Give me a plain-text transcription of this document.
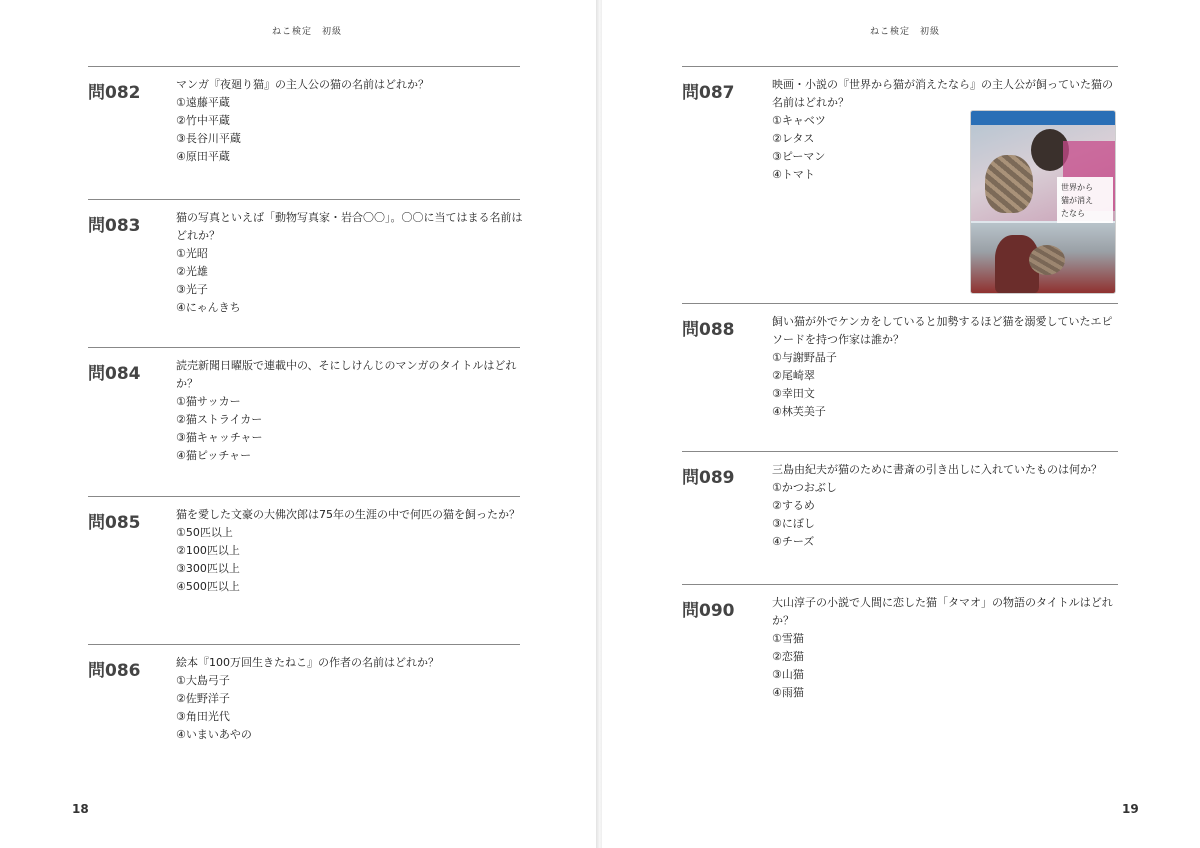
ねこ検定　初級
問082	マンガ『夜廻り猫』の主人公の猫の名前はどれか？
①遠藤平蔵
②竹中平蔵
③長谷川平蔵
④原田平蔵
問083	猫の写真といえば「動物写真家・岩合〇〇」。〇〇に当てはまる名前はどれか？
①光昭
②光雄
③光子
④にゃんきち
問084	読売新聞日曜版で連載中の、そにしけんじのマンガのタイトルはどれか？
①猫サッカー
②猫ストライカー
③猫キャッチャー
④猫ピッチャー
問085	猫を愛した文豪の大佛次郎は75年の生涯の中で何匹の猫を飼ったか？
①50匹以上
②100匹以上
③300匹以上
④500匹以上
問086	絵本『100万回生きたねこ』の作者の名前はどれか？
①大島弓子
②佐野洋子
③角田光代
④いまいあやの
18
ねこ検定　初級
問087	映画・小説の『世界から猫が消えたなら』の主人公が飼っていた猫の名前はどれか？
①キャベツ
②レタス
③ピーマン
④トマト
世界から
猫が消え
たなら
問088	飼い猫が外でケンカをしていると加勢するほど猫を溺愛していたエピソードを持つ作家は誰か？
①与謝野晶子
②尾崎翠
③幸田文
④林芙美子
問089	三島由紀夫が猫のために書斎の引き出しに入れていたものは何か？
①かつおぶし
②するめ
③にぼし
④チーズ
問090	大山淳子の小説で人間に恋した猫「タマオ」の物語のタイトルはどれか？
①雪猫
②恋猫
③山猫
④雨猫
19
